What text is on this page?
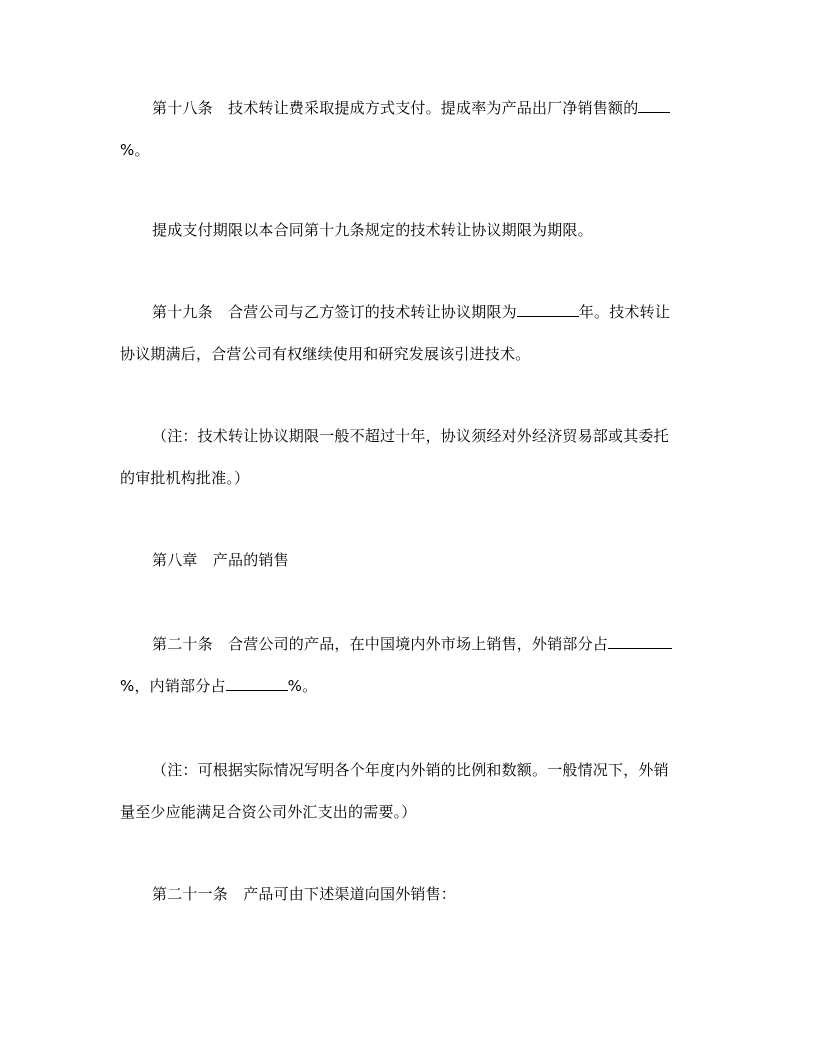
第十八条　技术转让费采取提成方式支付。提成率为产品出厂净销售额的
%。
提成支付期限以本合同第十九条规定的技术转让协议期限为期限。
第十九条　合营公司与乙方签订的技术转让协议期限为	年。技术转让
协议期满后，合营公司有权继续使用和研究发展该引进技术。
（注：技术转让协议期限一般不超过十年，协议须经对外经济贸易部或其委托
的审批机构批准。）
第八章　产品的销售
第二十条　合营公司的产品，在中国境内外市场上销售，外销部分占
%，内销部分占	%。
（注：可根据实际情况写明各个年度内外销的比例和数额。一般情况下，外销
量至少应能满足合资公司外汇支出的需要。）
第二十一条　产品可由下述渠道向国外销售：
